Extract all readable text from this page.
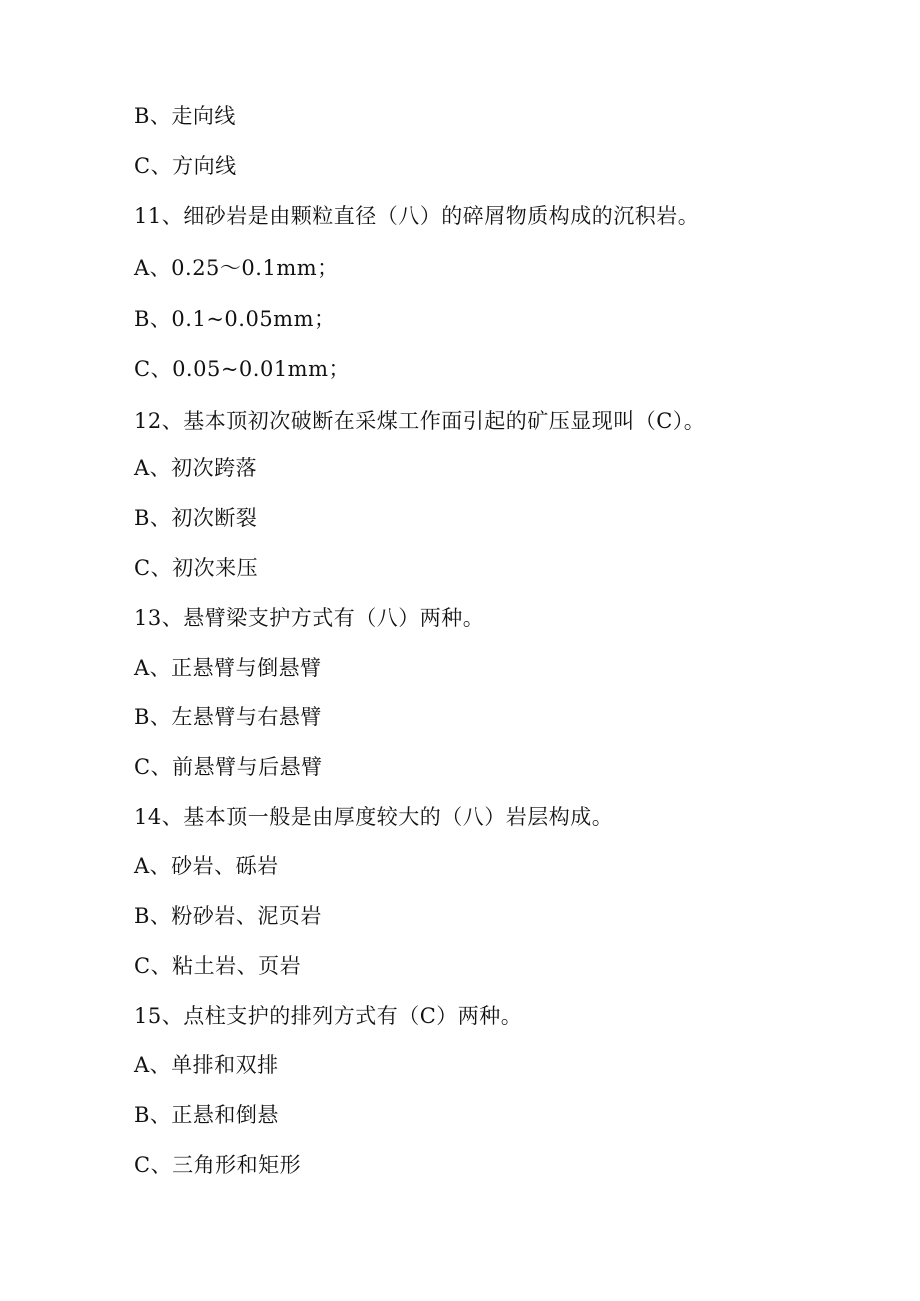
B、走向线
C、方向线
11、细砂岩是由颗粒直径（八）的碎屑物质构成的沉积岩。
A、0.25～0.1mm；
B、0.1~0.05mm；
C、0.05~0.01mm；
12、基本顶初次破断在采煤工作面引起的矿压显现叫（C）。
A、初次跨落
B、初次断裂
C、初次来压
13、悬臂梁支护方式有（八）两种。
A、正悬臂与倒悬臂
B、左悬臂与右悬臂
C、前悬臂与后悬臂
14、基本顶一般是由厚度较大的（八）岩层构成。
A、砂岩、砾岩
B、粉砂岩、泥页岩
C、粘土岩、页岩
15、点柱支护的排列方式有（C）两种。
A、单排和双排
B、正悬和倒悬
C、三角形和矩形
